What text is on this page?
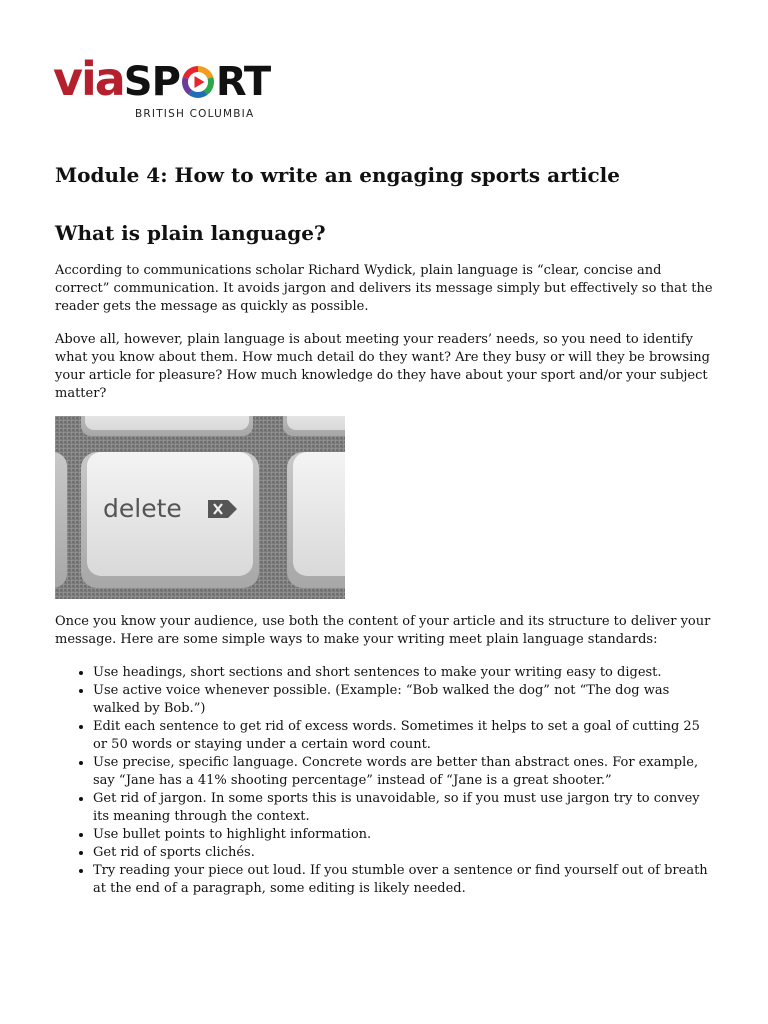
via SP RT
BRITISH COLUMBIA
Module 4: How to write an engaging sports article
What is plain language?

According to communications scholar Richard Wydick, plain language is “clear, concise and correct” communication. It avoids jargon and delivers its message simply but effectively so that the reader gets the message as quickly as possible.

Above all, however, plain language is about meeting your readers’ needs, so you need to identify what you know about them. How much detail do they want? Are they busy or will they be browsing your article for pleasure? How much knowledge do they have about your sport and/or your subject matter?

delete

Once you know your audience, use both the content of your article and its structure to deliver your message. Here are some simple ways to make your writing meet plain language standards:

• Use headings, short sections and short sentences to make your writing easy to digest.
• Use active voice whenever possible. (Example: “Bob walked the dog” not “The dog was walked by Bob.”)
• Edit each sentence to get rid of excess words. Sometimes it helps to set a goal of cutting 25 or 50 words or staying under a certain word count.
• Use precise, specific language. Concrete words are better than abstract ones. For example, say “Jane has a 41% shooting percentage” instead of “Jane is a great shooter.”
• Get rid of jargon. In some sports this is unavoidable, so if you must use jargon try to convey its meaning through the context.
• Use bullet points to highlight information.
• Get rid of sports clichés.
• Try reading your piece out loud. If you stumble over a sentence or find yourself out of breath at the end of a paragraph, some editing is likely needed.
